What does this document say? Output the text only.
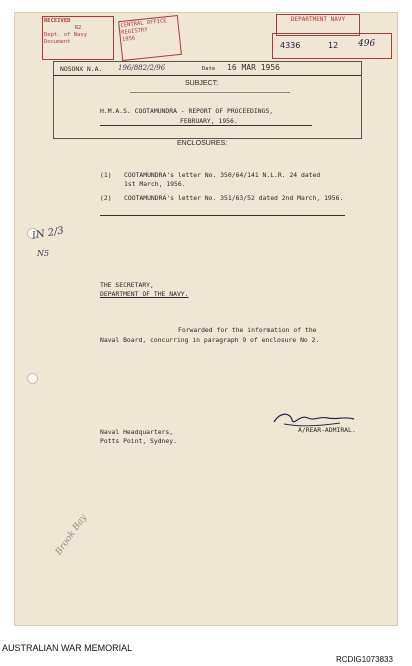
RECEIVED
R2
Dept. of Navy
Document
CENTRAL OFFICE
REGISTRY
1956
DEPARTMENT NAVY
4336	12 496
NOSONX N.A. 196/882/2/96	Date 16 MAR 1956
SUBJECT:
H.M.A.S. COOTAMUNDRA - REPORT OF PROCEEDINGS,
FEBRUARY, 1956.
ENCLOSURES:
(1) COOTAMUNDRA's letter No. 350/64/141 N.L.R. 24 dated
1st March, 1956.
(2) COOTAMUNDRA's letter No. 351/63/52 dated 2nd March, 1956.
IN 2/3
N5
Brook Bay
THE SECRETARY,
DEPARTMENT OF THE NAVY.
Forwarded for the information of the
Naval Board, concurring in paragraph 9 of enclosure No 2.
Naval Headquarters,
Potts Point, Sydney.
A/REAR-ADMIRAL.
AUSTRALIAN WAR MEMORIAL
RCDIG1073833
